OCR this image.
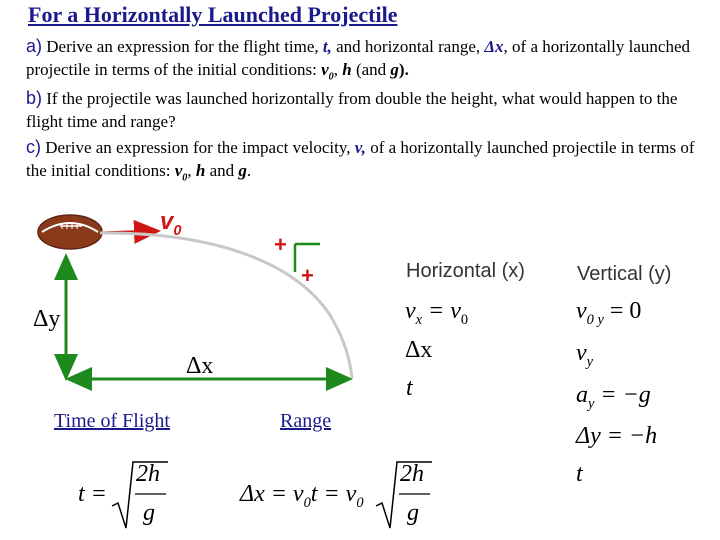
For a Horizontally Launched Projectile
a) Derive an expression for the flight time, t, and horizontal range, Δx, of a horizontally launched projectile in terms of the initial conditions: $v_0$, h (and g).
b) If the projectile was launched horizontally from double the height, what would happen to the flight time and range?
c) Derive an expression for the impact velocity, v, of a horizontally launched projectile in terms of the initial conditions: $v_0$, h and g.
$v_0$
+
+
Δy
Δx
Time of Flight	Range
Horizontal (x)	Vertical (y)
$v_x = v_0$
Δx
t
$v_{0 y} = 0$
$v_y$
$a_y = -g$
Δy = −h
t
t =
2h
g
$\Delta x = v_0t = v_0$
2h
g
